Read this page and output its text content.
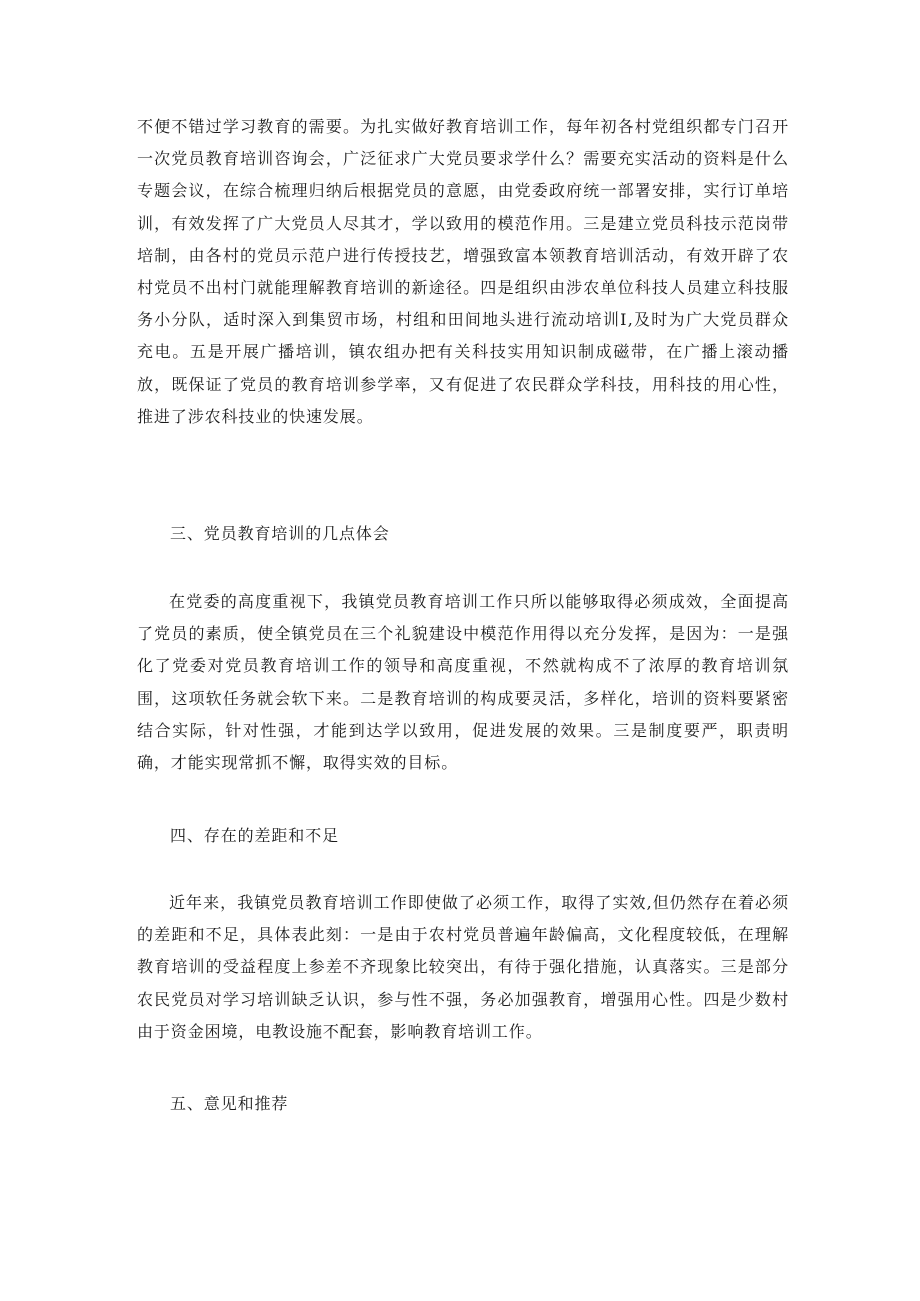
不便不错过学习教育的需要。为扎实做好教育培训工作，每年初各村党组织都专门召开一次党员教育培训咨询会，广泛征求广大党员要求学什么？需要充实活动的资料是什么专题会议，在综合梳理归纳后根据党员的意愿，由党委政府统一部署安排，实行订单培训，有效发挥了广大党员人尽其才，学以致用的模范作用。三是建立党员科技示范岗带培制，由各村的党员示范户进行传授技艺，增强致富本领教育培训活动，有效开辟了农村党员不出村门就能理解教育培训的新途径。四是组织由涉农单位科技人员建立科技服务小分队，适时深入到集贸市场，村组和田间地头进行流动培训Ⅰ,及时为广大党员群众充电。五是开展广播培训，镇农组办把有关科技实用知识制成磁带，在广播上滚动播放，既保证了党员的教育培训参学率，又有促进了农民群众学科技，用科技的用心性，推进了涉农科技业的快速发展。

三、党员教育培训的几点体会

在党委的高度重视下，我镇党员教育培训工作只所以能够取得必须成效，全面提高了党员的素质，使全镇党员在三个礼貌建设中模范作用得以充分发挥，是因为：一是强化了党委对党员教育培训工作的领导和高度重视，不然就构成不了浓厚的教育培训氛围，这项软任务就会软下来。二是教育培训的构成要灵活，多样化，培训的资料要紧密结合实际，针对性强，才能到达学以致用，促进发展的效果。三是制度要严，职责明确，才能实现常抓不懈，取得实效的目标。

四、存在的差距和不足

近年来，我镇党员教育培训工作即使做了必须工作，取得了实效,但仍然存在着必须的差距和不足，具体表此刻：一是由于农村党员普遍年龄偏高，文化程度较低，在理解教育培训的受益程度上参差不齐现象比较突出，有待于强化措施，认真落实。三是部分农民党员对学习培训缺乏认识，参与性不强，务必加强教育，增强用心性。四是少数村由于资金困境，电教设施不配套，影响教育培训工作。

五、意见和推荐
